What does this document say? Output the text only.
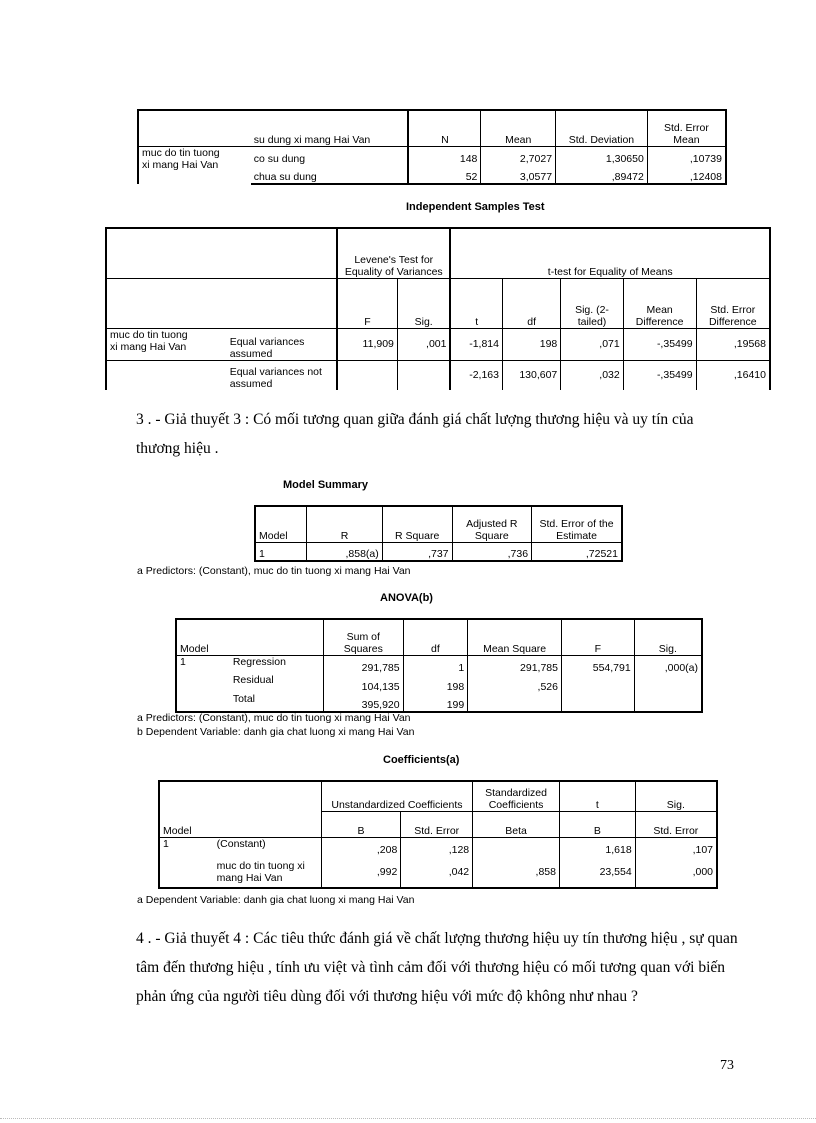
	su dung xi mang Hai Van	N	Mean	Std. Deviation	Std. Error Mean

muc do tin tuong
xi mang Hai Van	co su dung	148	2,7027	1,30650	,10739
	chua su dung	52	3,0577	,89472	,12408
Independent Samples Test
		Levene's Test for Equality of Variances		t-test for Equality of Means				
		F	Sig.	t	df	Sig. (2-tailed)	Mean Difference	Std. Error Difference

muc do tin tuong
xi mang Hai Van	Equal variances assumed	11,909	,001	-1,814	198	,071	-,35499	,19568
	Equal variances not assumed			-2,163	130,607	,032	-,35499	,16410
3 . - Giả thuyết 3 : Có mối tương quan giữa đánh giá chất lượng thương hiệu và uy tín của thương hiệu .
Model Summary
Model	R	R Square	Adjusted R Square	Std. Error of the Estimate
1	,858(a)	,737	,736	,72521
a Predictors: (Constant), muc do tin tuong xi mang Hai Van
ANOVA(b)
Model		Sum of Squares	df	Mean Square	F	Sig.
1	Regression	291,785	1	291,785	554,791	,000(a)
	Residual	104,135	198	,526		
	Total	395,920	199			
a Predictors: (Constant), muc do tin tuong xi mang Hai Van
b Dependent Variable: danh gia chat luong xi mang Hai Van
Coefficients(a)
		Unstandardized Coefficients		Standardized Coefficients	t	Sig.
Model		B	Std. Error	Beta	B	Std. Error
1	(Constant)	,208	,128		1,618	,107
	muc do tin tuong xi mang Hai Van	,992	,042	,858	23,554	,000
a Dependent Variable: danh gia chat luong xi mang Hai Van
4 . - Giả thuyết 4 : Các tiêu thức đánh giá về chất lượng thương hiệu uy tín thương hiệu , sự quan tâm đến thương hiệu , tính ưu việt và tình cảm đối với thương hiệu có mối tương quan với biến phản ứng của người tiêu dùng đối với thương hiệu với mức độ không như nhau ?
73
